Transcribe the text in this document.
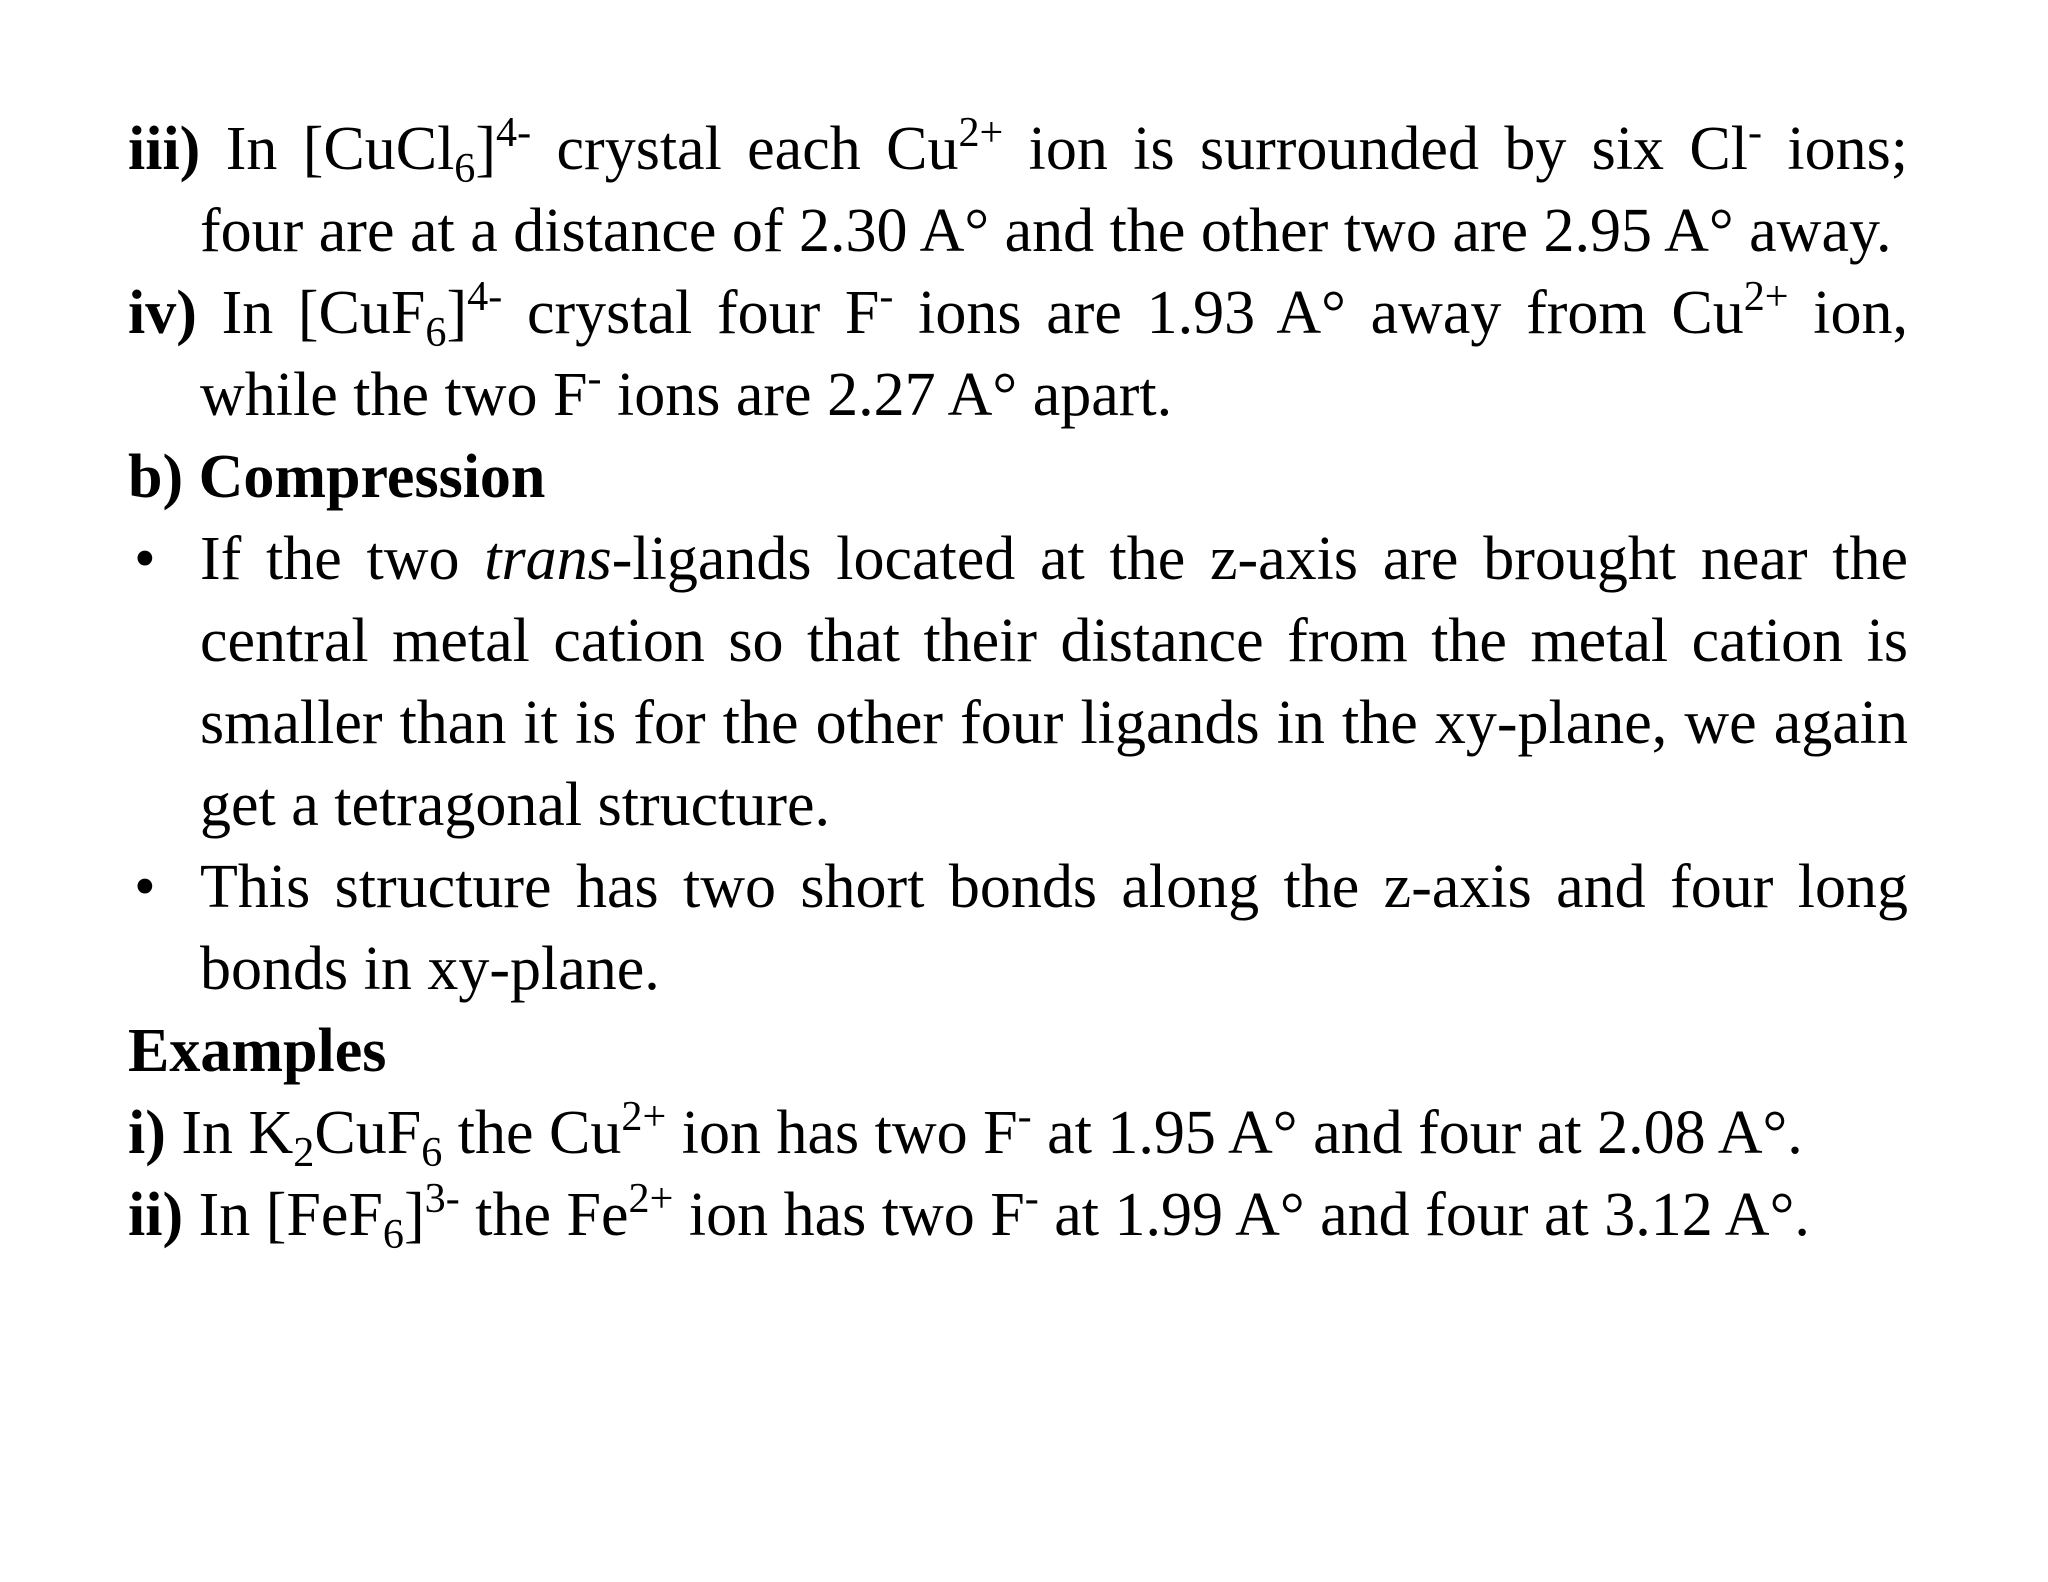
iii) In [CuCl$_6$]$^{4-}$ crystal each $Cu^{2+}$ ion is surrounded by six Cl- ions; four are at a distance of 2.30 A° and the other two are 2.95 A° away.

iv) In $[CuF_6]^{4-}$ crystal four F- ions are 1.93 A° away from $Cu^{2+}$ ion, while the two F- ions are 2.27 A° apart.

b) Compression

• If the two trans-ligands located at the z-axis are brought near the central metal cation so that their distance from the metal cation is smaller than it is for the other four ligands in the xy-plane, we again get a tetragonal structure.

• This structure has two short bonds along the z-axis and four long bonds in xy-plane.

Examples

i) In $K_2CuF_6$ the $Cu^{2+}$ ion has two F- at 1.95 A° and four at 2.08 A°.

ii) In $[FeF_6]^{3-}$ the $Fe^{2+}$ ion has two F- at 1.99 A° and four at 3.12 A°.
